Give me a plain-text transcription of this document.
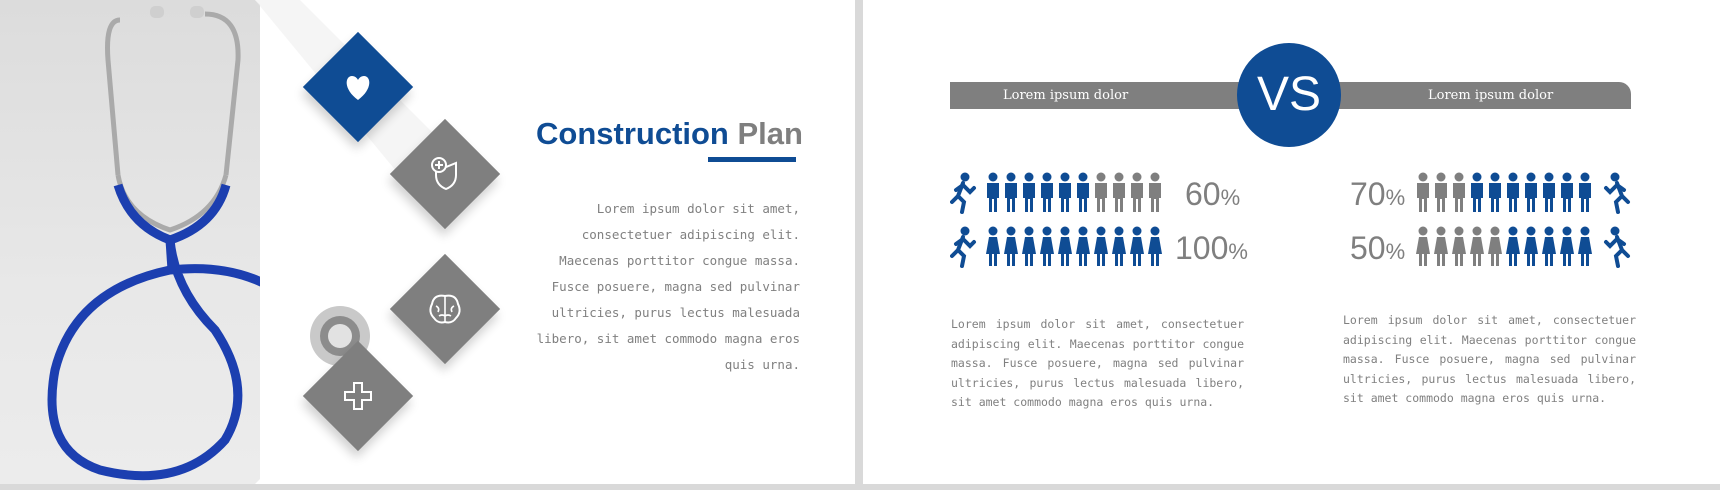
Construction Plan
Lorem ipsum dolor sit amet,
consectetuer adipiscing elit.
Maecenas porttitor congue massa.
Fusce posuere, magna sed pulvinar
ultricies, purus lectus malesuada
libero, sit amet commodo magna eros
quis urna.
Lorem ipsum dolor	Lorem ipsum dolor
VS
60%
100%
70%
50%
Lorem ipsum dolor sit amet, consectetuer adipiscing elit. Maecenas porttitor congue massa. Fusce posuere, magna sed pulvinar ultricies, purus lectus malesuada libero, sit amet commodo magna eros quis urna.
Lorem ipsum dolor sit amet, consectetuer adipiscing elit. Maecenas porttitor congue massa. Fusce posuere, magna sed pulvinar ultricies, purus lectus malesuada libero, sit amet commodo magna eros quis urna.
